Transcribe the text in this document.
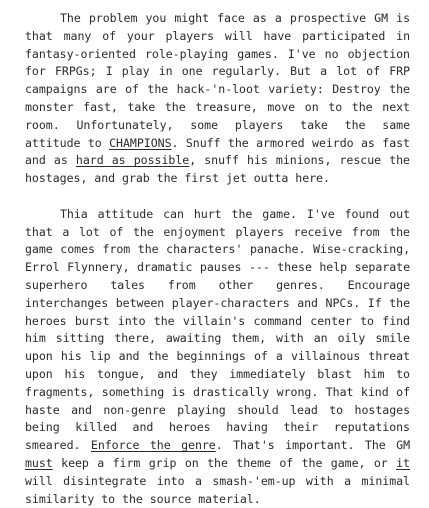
The problem you might face as a prospective GM is that many of your players will have participated in fantasy-oriented role-playing games. I've no objection for FRPGs; I play in one regularly. But a lot of FRP campaigns are of the hack-'n-loot variety: Destroy the monster fast, take the treasure, move on to the next room. Unfortunately, some players take the same attitude to CHAMPIONS. Snuff the armored weirdo as fast and as hard as possible, snuff his minions, rescue the hostages, and grab the first jet outta here.

Thia attitude can hurt the game. I've found out that a lot of the enjoyment players receive from the game comes from the characters' panache. Wise-cracking, Errol Flynnery, dramatic pauses --- these help separate superhero tales from other genres. Encourage interchanges between player-characters and NPCs. If the heroes burst into the villain's command center to find him sitting there, awaiting them, with an oily smile upon his lip and the beginnings of a villainous threat upon his tongue, and they immediately blast him to fragments, something is drastically wrong. That kind of haste and non-genre playing should lead to hostages being killed and heroes having their reputations smeared. Enforce the genre. That's important. The GM must keep a firm grip on the theme of the game, or it will disintegrate into a smash-'em-up with a minimal similarity to the source material.
